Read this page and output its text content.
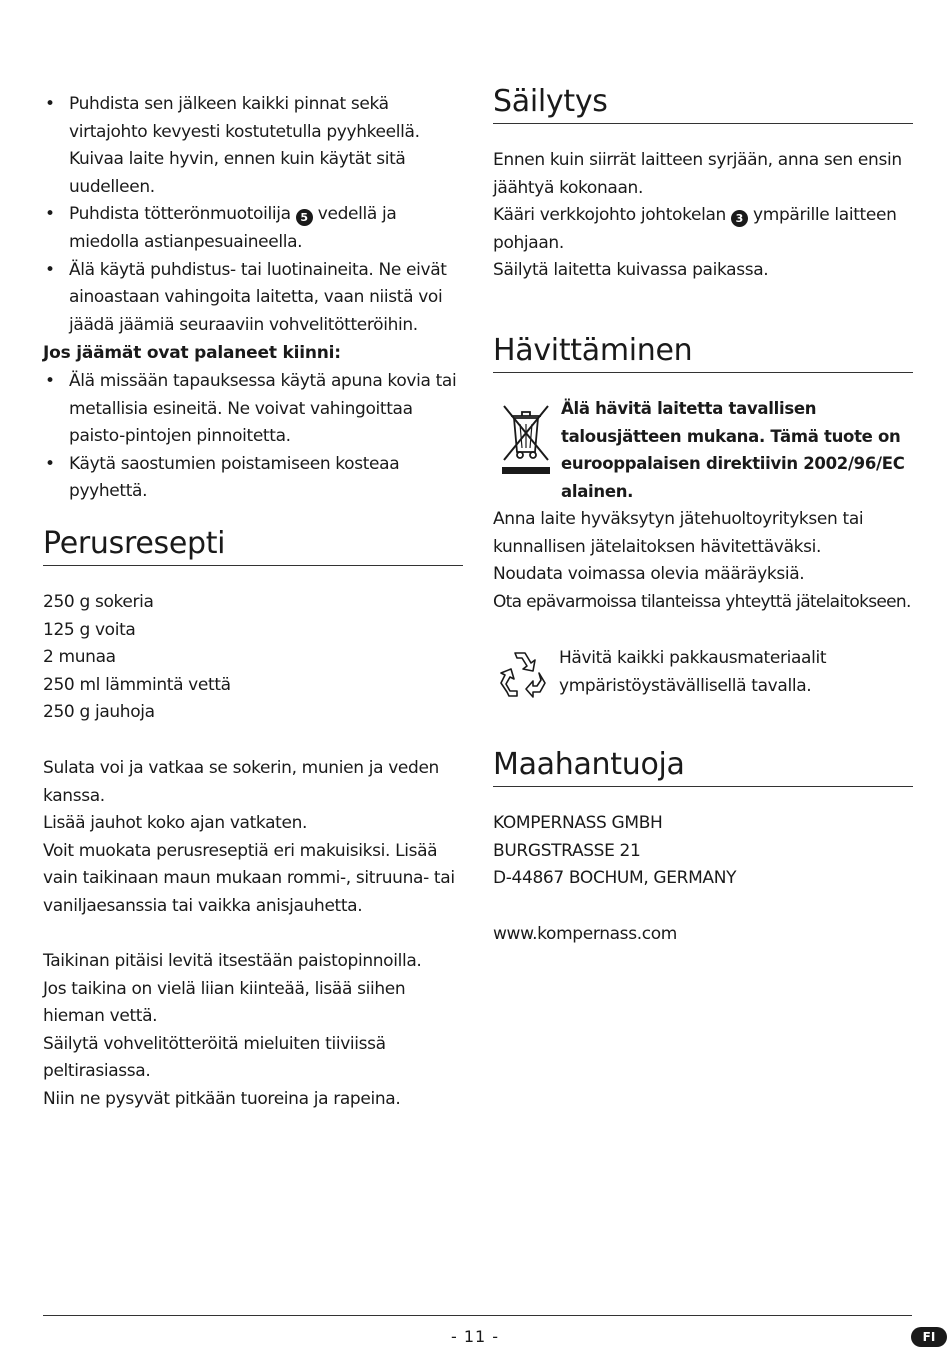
• Puhdista sen jälkeen kaikki pinnat sekä virtajohto kevyesti kostutetulla pyyhkeellä. Kuivaa laite hyvin, ennen kuin käytät sitä uudelleen.
• Puhdista tötterönmuotoilija 5 vedellä ja miedolla astianpesuaineella.
• Älä käytä puhdistus- tai luotinaineita. Ne eivät ainoastaan vahingoita laitetta, vaan niistä voi jäädä jäämiä seuraaviin vohvelitötteröihin.

Jos jäämät ovat palaneet kiinni:

• Älä missään tapauksessa käytä apuna kovia tai metallisia esineitä. Ne voivat vahingoittaa paisto-pintojen pinnoitetta.
• Käytä saostumien poistamiseen kosteaa pyyhettä.
Perusresepti

250 g sokeria

125 g voita

2 munaa

250 ml lämmintä vettä

250 g jauhoja

Sulata voi ja vatkaa se sokerin, munien ja veden kanssa.

Lisää jauhot koko ajan vatkaten.

Voit muokata perusreseptiä eri makuisiksi. Lisää vain taikinaan maun mukaan rommi-, sitruuna- tai vaniljaesanssia tai vaikka anisjauhetta.

Taikinan pitäisi levitä itsestään paistopinnoilla.

Jos taikina on vielä liian kiinteää, lisää siihen hieman vettä.

Säilytä vohvelitötteröitä mieluiten tiiviissä peltirasiassa.

Niin ne pysyvät pitkään tuoreina ja rapeina.

Säilytys

Ennen kuin siirrät laitteen syrjään, anna sen ensin jäähtyä kokonaan.

Kääri verkkojohto johtokelan 3 ympärille laitteen pohjaan.

Säilytä laitetta kuivassa paikassa.

Hävittäminen

Älä hävitä laitetta tavallisen talousjätteen mukana. Tämä tuote on eurooppalaisen direktiivin 2002/96/EC alainen.

Anna laite hyväksytyn jätehuoltoyrityksen tai kunnallisen jätelaitoksen hävitettäväksi.

Noudata voimassa olevia määräyksiä.

Ota epävarmoissa tilanteissa yhteyttä jätelaitokseen.

Hävitä kaikki pakkausmateriaalit ympäristöystävällisellä tavalla.

Maahantuoja

KOMPERNASS GMBH

BURGSTRASSE 21

D-44867 BOCHUM, GERMANY

www.kompernass.com

- 11 -	FI
